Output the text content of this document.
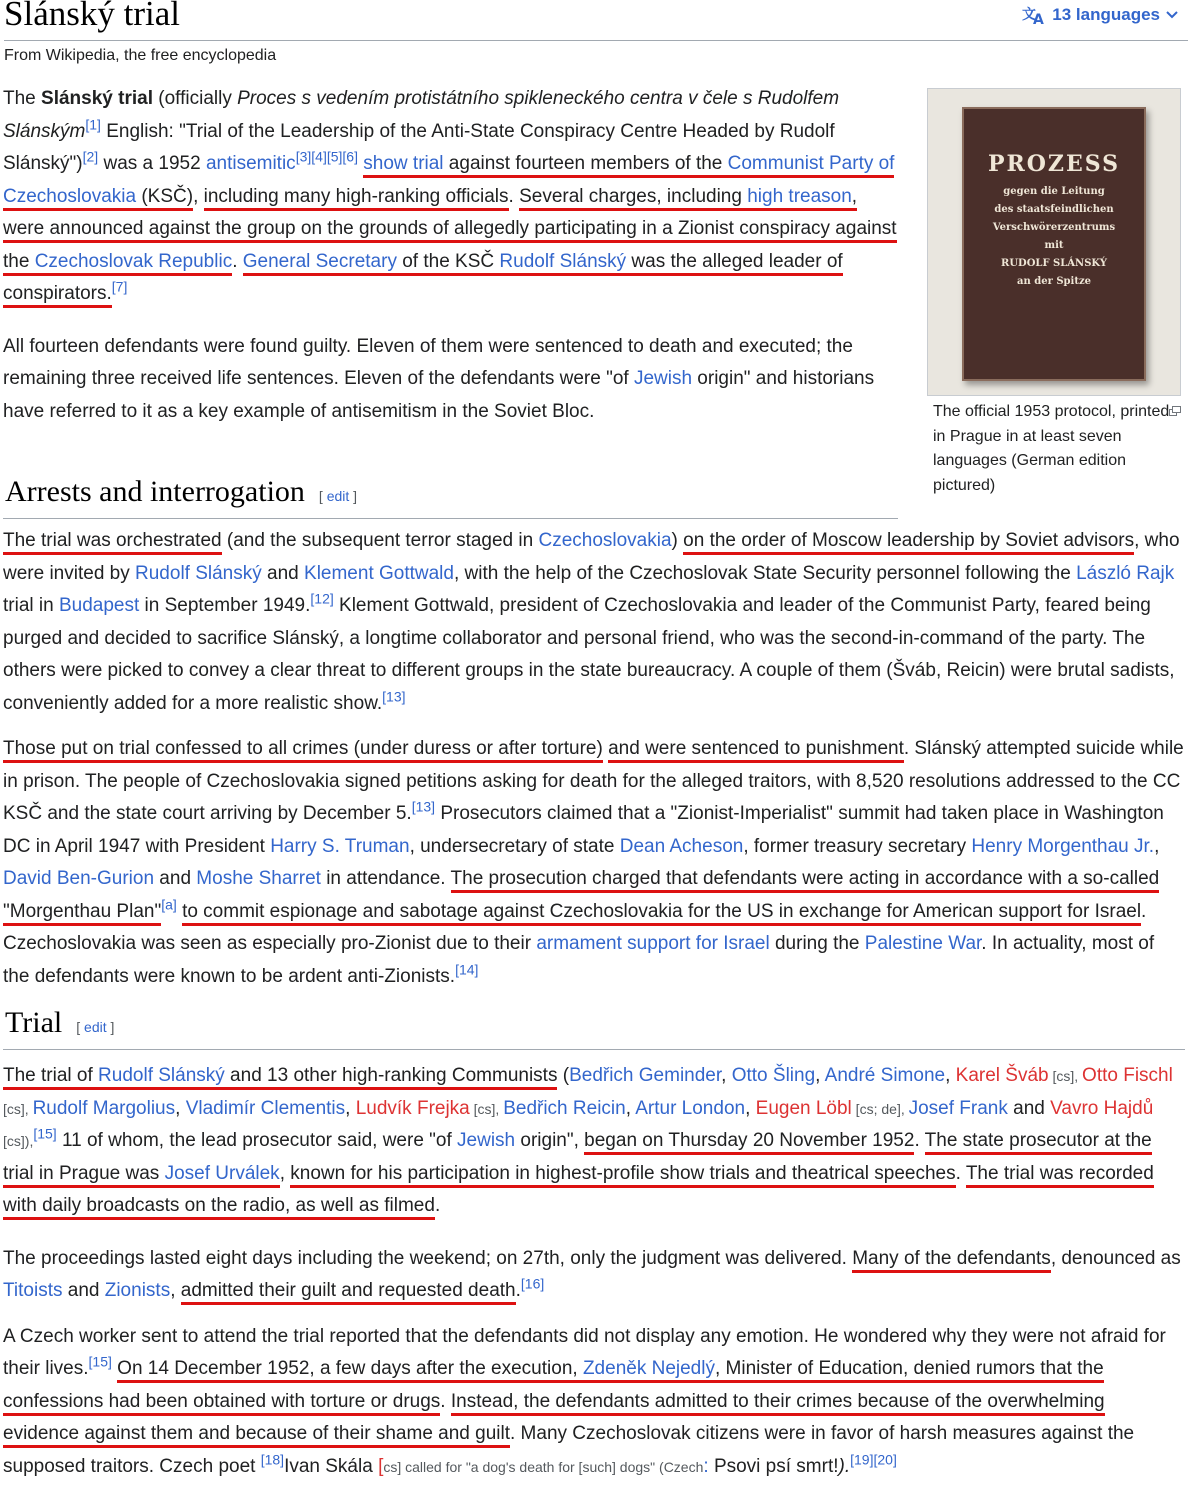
Slánský trial	文
A 13 languages
From Wikipedia, the free encyclopedia
PROZESS
gegen die Leitung
des staatsfeindlichen
Verschwörerzentrums
mit
RUDOLF SLÁNSKÝ
an der Spitze
The official 1953 protocol, printed in Prague in at least seven languages (German edition pictured)

The Slánský trial (officially Proces s vedením protistátního spikleneckého centra v čele s Rudolfem Slánským[1] English: "Trial of the Leadership of the Anti-State Conspiracy Centre Headed by Rudolf Slánský")[2] was a 1952 antisemitic[3][4][5][6] show trial against fourteen members of the Communist Party of Czechoslovakia (KSČ), including many high-ranking officials. Several charges, including high treason, were announced against the group on the grounds of allegedly participating in a Zionist conspiracy against the Czechoslovak Republic. General Secretary of the KSČ Rudolf Slánský was the alleged leader of conspirators.[7]

All fourteen defendants were found guilty. Eleven of them were sentenced to death and executed; the remaining three received life sentences. Eleven of the defendants were "of Jewish origin" and historians have referred to it as a key example of antisemitism in the Soviet Bloc.

Arrests and interrogation [ edit ]

The trial was orchestrated (and the subsequent terror staged in Czechoslovakia) on the order of Moscow leadership by Soviet advisors, who were invited by Rudolf Slánský and Klement Gottwald, with the help of the Czechoslovak State Security personnel following the László Rajk trial in Budapest in September 1949.[12] Klement Gottwald, president of Czechoslovakia and leader of the Communist Party, feared being purged and decided to sacrifice Slánský, a longtime collaborator and personal friend, who was the second-in-command of the party. The others were picked to convey a clear threat to different groups in the state bureaucracy. A couple of them (Šváb, Reicin) were brutal sadists, conveniently added for a more realistic show.[13]

Those put on trial confessed to all crimes (under duress or after torture) and were sentenced to punishment. Slánský attempted suicide while in prison. The people of Czechoslovakia signed petitions asking for death for the alleged traitors, with 8,520 resolutions addressed to the CC KSČ and the state court arriving by December 5.[13] Prosecutors claimed that a "Zionist-Imperialist" summit had taken place in Washington DC in April 1947 with President Harry S. Truman, undersecretary of state Dean Acheson, former treasury secretary Henry Morgenthau Jr., David Ben-Gurion and Moshe Sharret in attendance. The prosecution charged that defendants were acting in accordance with a so-called "Morgenthau Plan"[a] to commit espionage and sabotage against Czechoslovakia for the US in exchange for American support for Israel. Czechoslovakia was seen as especially pro-Zionist due to their armament support for Israel during the Palestine War. In actuality, most of the defendants were known to be ardent anti-Zionists.[14]

Trial [ edit ]

The trial of Rudolf Slánský and 13 other high-ranking Communists (Bedřich Geminder, Otto Šling, André Simone, Karel Šváb [cs], Otto Fischl [cs], Rudolf Margolius, Vladimír Clementis, Ludvík Frejka [cs], Bedřich Reicin, Artur London, Eugen Löbl [cs; de], Josef Frank and Vavro Hajdů [cs]),[15] 11 of whom, the lead prosecutor said, were "of Jewish origin", began on Thursday 20 November 1952. The state prosecutor at the trial in Prague was Josef Urválek, known for his participation in highest-profile show trials and theatrical speeches. The trial was recorded with daily broadcasts on the radio, as well as filmed.

The proceedings lasted eight days including the weekend; on 27th, only the judgment was delivered. Many of the defendants, denounced as Titoists and Zionists, admitted their guilt and requested death.[16]

A Czech worker sent to attend the trial reported that the defendants did not display any emotion. He wondered why they were not afraid for their lives.[15] On 14 December 1952, a few days after the execution, Zdeněk Nejedlý, Minister of Education, denied rumors that the confessions had been obtained with torture or drugs. Instead, the defendants admitted to their crimes because of the overwhelming evidence against them and because of their shame and guilt. Many Czechoslovak citizens were in favor of harsh measures against the supposed traitors. Czech poet [18]Ivan Skála [cs] called for "a dog's death for [such] dogs" (Czech: Psovi psí smrt!).[19][20]
